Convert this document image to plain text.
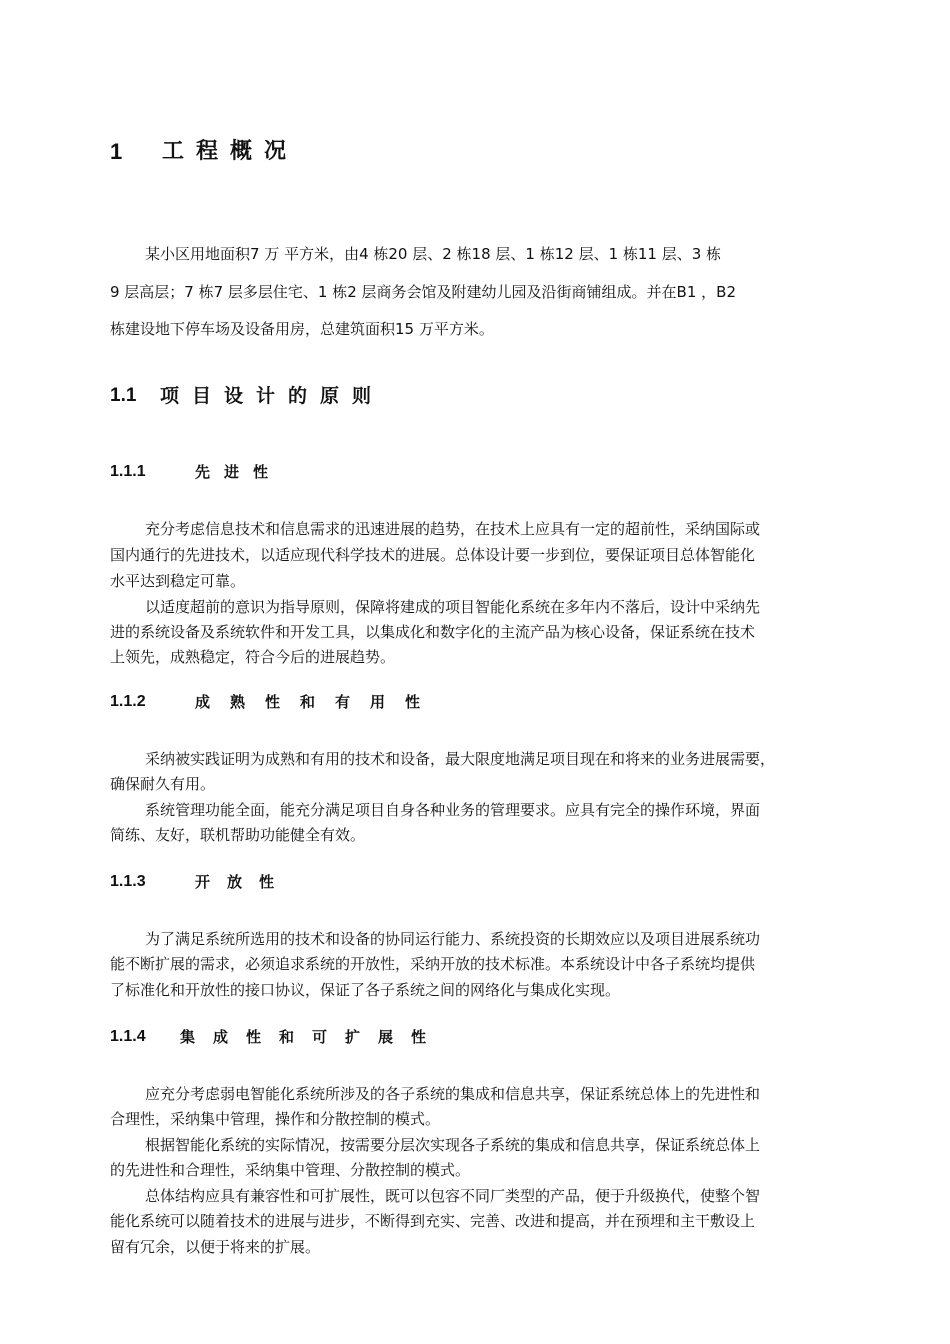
1 工程概况
某小区用地面积7 万 平方米，由4 栋20 层、2 栋18 层、1 栋12 层、1 栋11 层、3 栋
9 层高层；7 栋7 层多层住宅、1 栋2 层商务会馆及附建幼儿园及沿街商铺组成。并在B1 ，B2
栋建设地下停车场及设备用房，总建筑面积15 万平方米。
1.1 项目设计的原则
1.1.1	先进性
充分考虑信息技术和信息需求的迅速进展的趋势，在技术上应具有一定的超前性，采纳国际或
国内通行的先进技术，以适应现代科学技术的进展。总体设计要一步到位，要保证项目总体智能化
水平达到稳定可靠。
以适度超前的意识为指导原则，保障将建成的项目智能化系统在多年内不落后，设计中采纳先
进的系统设备及系统软件和开发工具，以集成化和数字化的主流产品为核心设备，保证系统在技术
上领先，成熟稳定，符合今后的进展趋势。
1.1.2	成熟性和有用性
采纳被实践证明为成熟和有用的技术和设备，最大限度地满足项目现在和将来的业务进展需要，
确保耐久有用。
系统管理功能全面，能充分满足项目自身各种业务的管理要求。应具有完全的操作环境，界面
简练、友好，联机帮助功能健全有效。
1.1.3	开放性
为了满足系统所选用的技术和设备的协同运行能力、系统投资的长期效应以及项目进展系统功
能不断扩展的需求，必须追求系统的开放性，采纳开放的技术标准。本系统设计中各子系统均提供
了标准化和开放性的接口协议，保证了各子系统之间的网络化与集成化实现。
1.1.4 集成性和可扩展性
应充分考虑弱电智能化系统所涉及的各子系统的集成和信息共享，保证系统总体上的先进性和
合理性，采纳集中管理，操作和分散控制的模式。
根据智能化系统的实际情况，按需要分层次实现各子系统的集成和信息共享，保证系统总体上
的先进性和合理性，采纳集中管理、分散控制的模式。
总体结构应具有兼容性和可扩展性，既可以包容不同厂类型的产品，便于升级换代，使整个智
能化系统可以随着技术的进展与进步，不断得到充实、完善、改进和提高，并在预埋和主干敷设上
留有冗余，以便于将来的扩展。
